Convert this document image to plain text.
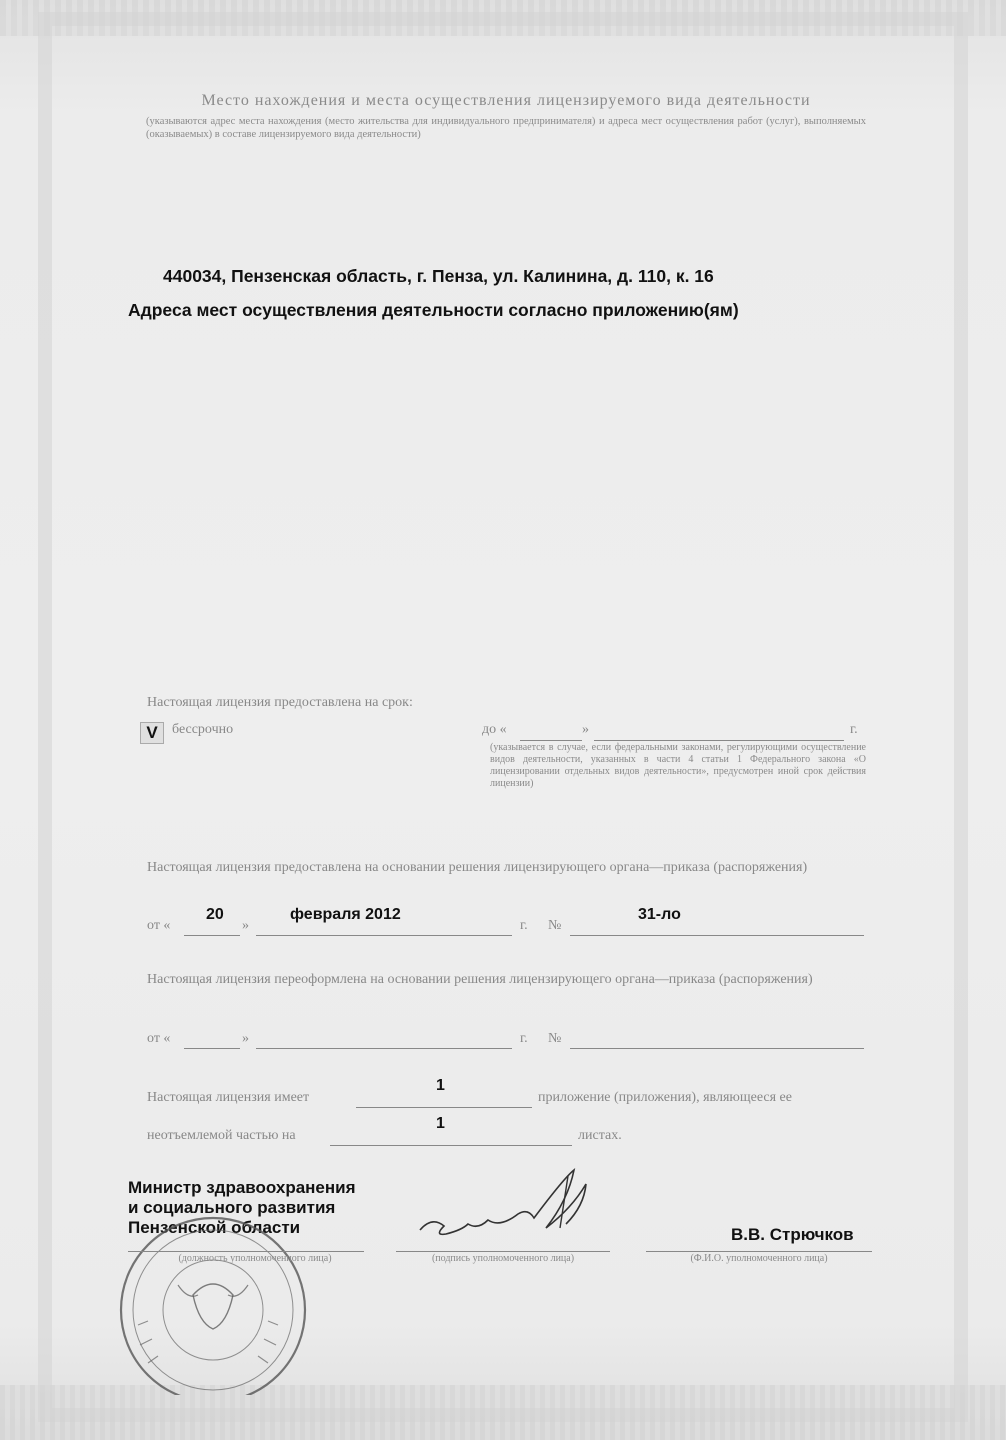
Место нахождения и места осуществления лицензируемого вида деятельности
(указываются адрес места нахождения (место жительства для индивидуального предпринимателя) и адреса мест осуществления работ (услуг), выполняемых (оказываемых) в составе лицензируемого вида деятельности)
440034, Пензенская область, г. Пенза, ул. Калинина, д. 110, к. 16
Адреса мест осуществления деятельности согласно приложению(ям)
Настоящая лицензия предоставлена на срок:
V	бессрочно	до «	»	г.
(указывается в случае, если федеральными законами, регулирующими осуществление видов деятельности, указанных в части 4 статьи 1 Федерального закона «О лицензировании отдельных видов деятельности», предусмотрен иной срок действия лицензии)
Настоящая лицензия предоставлена на основании решения лицензирующего органа—приказа (распоряжения)
от «
20
»
февраля 2012
г. №
31-ло
Настоящая лицензия переоформлена на основании решения лицензирующего органа—приказа (распоряжения)
от «	»	г. №
Настоящая лицензия имеет
1
приложение (приложения), являющееся ее
неотъемлемой частью на
1
листах.
Министр здравоохранения
и социального развития
Пензенской области
(должность уполномоченного лица)	(подпись уполномоченного лица)
В.В. Стрючков
(Ф.И.О. уполномоченного лица)
